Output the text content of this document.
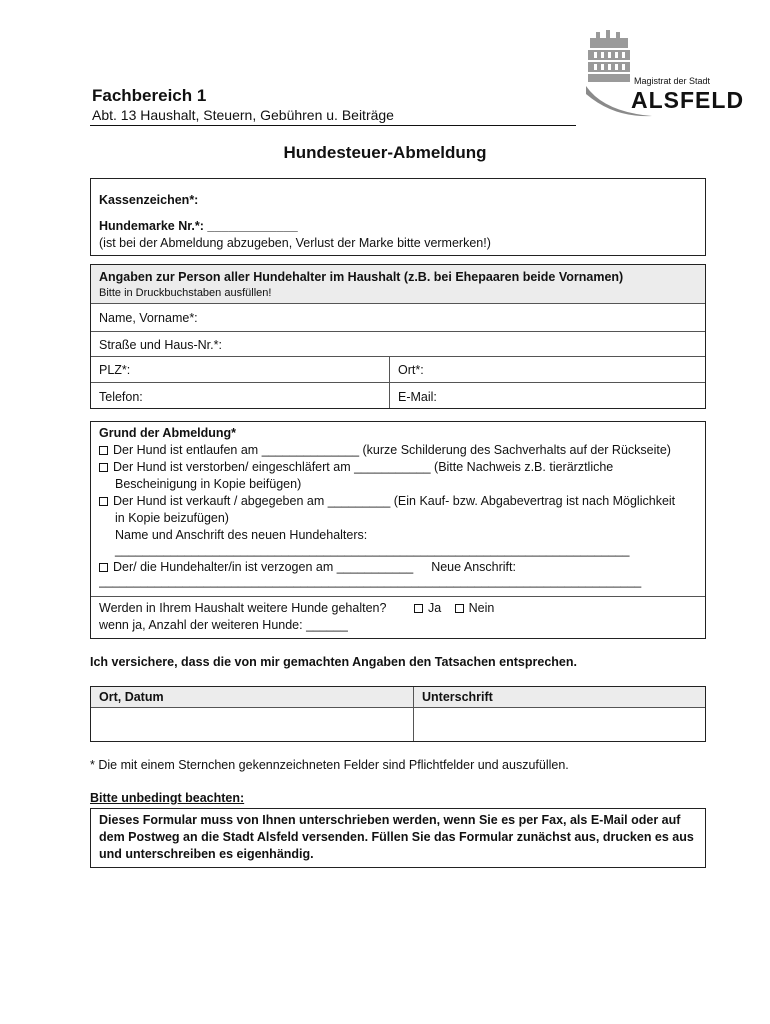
Fachbereich 1
Abt. 13 Haushalt, Steuern, Gebühren u. Beiträge
Magistrat der Stadt
ALSFELD
Hundesteuer-Abmeldung
Kassenzeichen*:
Hundemarke Nr.*: _____________
(ist bei der Abmeldung abzugeben, Verlust der Marke bitte vermerken!)
Angaben zur Person aller Hundehalter im Haushalt (z.B. bei Ehepaaren beide Vornamen)
Bitte in Druckbuchstaben ausfüllen!
Name, Vorname*:
Straße und Haus-Nr.*:
PLZ*:	Ort*:
Telefon:	E-Mail:
Grund der Abmeldung*
Der Hund ist entlaufen am ______________ (kurze Schilderung des Sachverhalts auf der Rückseite)
Der Hund ist verstorben/ eingeschläfert am ___________ (Bitte Nachweis z.B. tierärztliche
Bescheinigung in Kopie beifügen)
Der Hund ist verkauft / abgegeben am _________ (Ein Kauf- bzw. Abgabevertrag ist nach Möglichkeit
in Kopie beizufügen)
Name und Anschrift des neuen Hundehalters:
__________________________________________________________________________
Der/ die Hundehalter/in ist verzogen am ___________ Neue Anschrift:
______________________________________________________________________________
Werden in Ihrem Haushalt weitere Hunde gehalten?	Ja Nein
wenn ja, Anzahl der weiteren Hunde: ______
Ich versichere, dass die von mir gemachten Angaben den Tatsachen entsprechen.
Ort, Datum	Unterschrift
* Die mit einem Sternchen gekennzeichneten Felder sind Pflichtfelder und auszufüllen.
Bitte unbedingt beachten:
Dieses Formular muss von Ihnen unterschrieben werden, wenn Sie es per Fax, als E-Mail oder auf dem Postweg an die Stadt Alsfeld versenden. Füllen Sie das Formular zunächst aus, drucken es aus und unterschreiben es eigenhändig.
